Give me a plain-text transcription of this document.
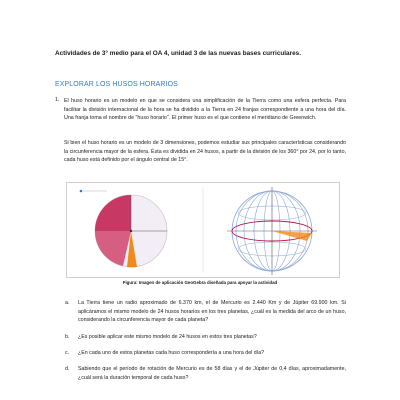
Actividades de 3° medio para el OA 4, unidad 3 de las nuevas bases curriculares.
EXPLORAR LOS HUSOS HORARIOS
1. El huso horario es un modelo en que se considera una simplificación de la Tierra como una esfera perfecta. Para facilitar la división internacional de la hora se ha dividido a la Tierra en 24 franjas correspondiente a una hora del día. Una franja toma el nombre de "huso horario". El primer huso es el que contiene el meridiano de Greenwich.
Si bien el huso horario es un modelo de 3 dimensiones, podemos estudiar sus principales características considerando la circunferencia mayor de la esfera. Ésta es dividida en 24 husos, a partir de la división de los 360° por 24, por lo tanto, cada huso está definido por el ángulo central de 15°.
Figura: Imagen de aplicación GeoGebra diseñada para apoyar la actividad
a. La Tierra tiene un radio aproximado de 6.370 km, el de Mercurio es 2.440 Km y de Júpiter 69.900 km. Si aplicáramos el mismo modelo de 24 husos horarios en los tres planetas, ¿cuál es la medida del arco de un huso, considerando la circunferencia mayor de cada planeta?
b. ¿Es posible aplicar este mismo modelo de 24 husos en estos tres planetas?
c. ¿En cada uno de estos planetas cada huso correspondería a una hora del día?
d. Sabiendo que el período de rotación de Mercurio es de 58 días y el de Júpiter de 0,4 días, aproximadamente, ¿cuál será la duración temporal de cada huso?
